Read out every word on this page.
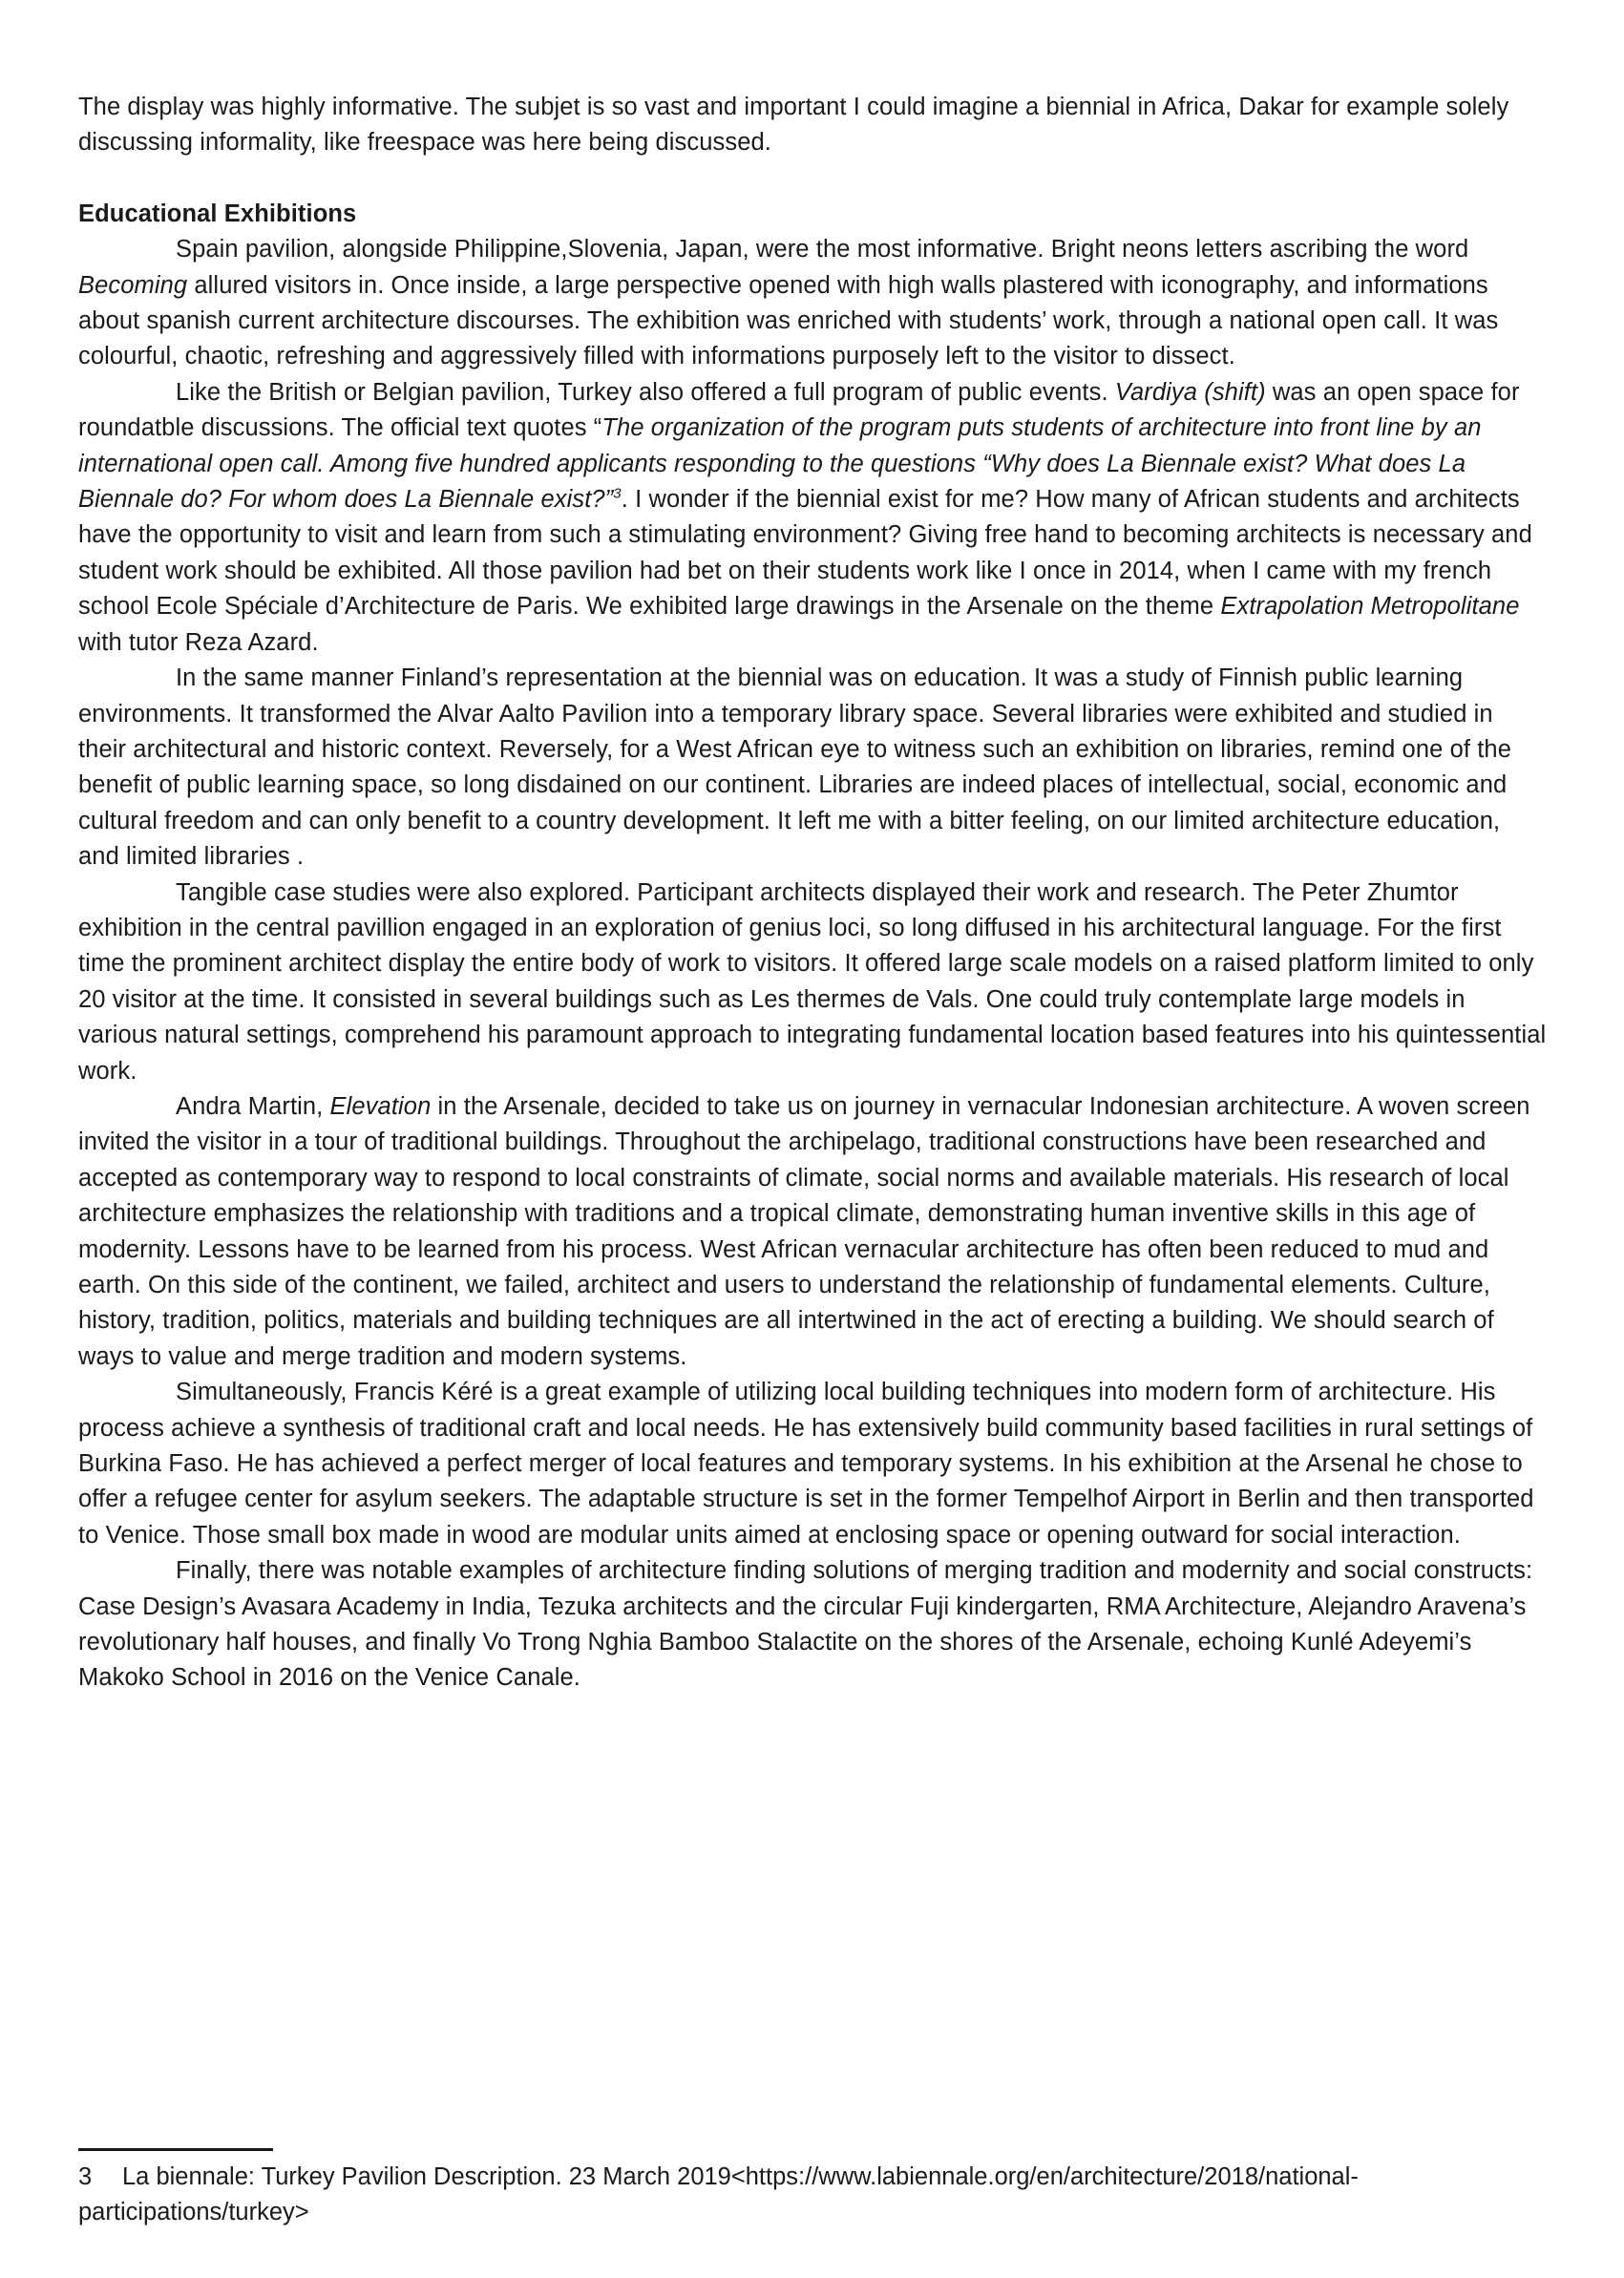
The display was highly informative. The subjet is so vast and important I could imagine a biennial in Africa, Dakar for example solely discussing informality, like freespace was here being discussed.

Educational Exhibitions

Spain pavilion, alongside Philippine,Slovenia, Japan, were the most informative. Bright neons letters ascribing the word Becoming allured visitors in. Once inside, a large perspective opened with high walls plastered with iconography, and informations about spanish current architecture discourses. The exhibition was enriched with students’ work, through a national open call. It was colourful, chaotic, refreshing and aggressively filled with informations purposely left to the visitor to dissect.

Like the British or Belgian pavilion, Turkey also offered a full program of public events. Vardiya (shift) was an open space for roundatble discussions. The official text quotes “The organization of the program puts students of architecture into front line by an international open call. Among five hundred applicants responding to the questions “Why does La Biennale exist? What does La Biennale do? For whom does La Biennale exist?”$^3$. I wonder if the biennial exist for me? How many of African students and architects have the opportunity to visit and learn from such a stimulating environment? Giving free hand to becoming architects is necessary and student work should be exhibited. All those pavilion had bet on their students work like I once in 2014, when I came with my french school Ecole Spéciale d’Architecture de Paris. We exhibited large drawings in the Arsenale on the theme Extrapolation Metropolitane with tutor Reza Azard.

In the same manner Finland’s representation at the biennial was on education. It was a study of Finnish public learning environments. It transformed the Alvar Aalto Pavilion into a temporary library space. Several libraries were exhibited and studied in their architectural and historic context. Reversely, for a West African eye to witness such an exhibition on libraries, remind one of the benefit of public learning space, so long disdained on our continent. Libraries are indeed places of intellectual, social, economic and cultural freedom and can only benefit to a country development. It left me with a bitter feeling, on our limited architecture education, and limited libraries .

Tangible case studies were also explored. Participant architects displayed their work and research. The Peter Zhumtor exhibition in the central pavillion engaged in an exploration of genius loci, so long diffused in his architectural language. For the first time the prominent architect display the entire body of work to visitors. It offered large scale models on a raised platform limited to only 20 visitor at the time. It consisted in several buildings such as Les thermes de Vals. One could truly contemplate large models in various natural settings, comprehend his paramount approach to integrating fundamental location based features into his quintessential work.

Andra Martin, Elevation in the Arsenale, decided to take us on journey in vernacular Indonesian architecture. A woven screen invited the visitor in a tour of traditional buildings. Throughout the archipelago, traditional constructions have been researched and accepted as contemporary way to respond to local constraints of climate, social norms and available materials. His research of local architecture emphasizes the relationship with traditions and a tropical climate, demonstrating human inventive skills in this age of modernity. Lessons have to be learned from his process. West African vernacular architecture has often been reduced to mud and earth. On this side of the continent, we failed, architect and users to understand the relationship of fundamental elements. Culture, history, tradition, politics, materials and building techniques are all intertwined in the act of erecting a building. We should search of ways to value and merge tradition and modern systems.

Simultaneously, Francis Kéré is a great example of utilizing local building techniques into modern form of architecture. His process achieve a synthesis of traditional craft and local needs. He has extensively build community based facilities in rural settings of Burkina Faso. He has achieved a perfect merger of local features and temporary systems. In his exhibition at the Arsenal he chose to offer a refugee center for asylum seekers. The adaptable structure is set in the former Tempelhof Airport in Berlin and then transported to Venice. Those small box made in wood are modular units aimed at enclosing space or opening outward for social interaction.

Finally, there was notable examples of architecture finding solutions of merging tradition and modernity and social constructs: Case Design’s Avasara Academy in India, Tezuka architects and the circular Fuji kindergarten, RMA Architecture, Alejandro Aravena’s revolutionary half houses, and finally Vo Trong Nghia Bamboo Stalactite on the shores of the Arsenale, echoing Kunlé Adeyemi’s Makoko School in 2016 on the Venice Canale.

3 La biennale: Turkey Pavilion Description. 23 March 2019<https://www.labiennale.org/en/architecture/2018/national-participations/turkey>
